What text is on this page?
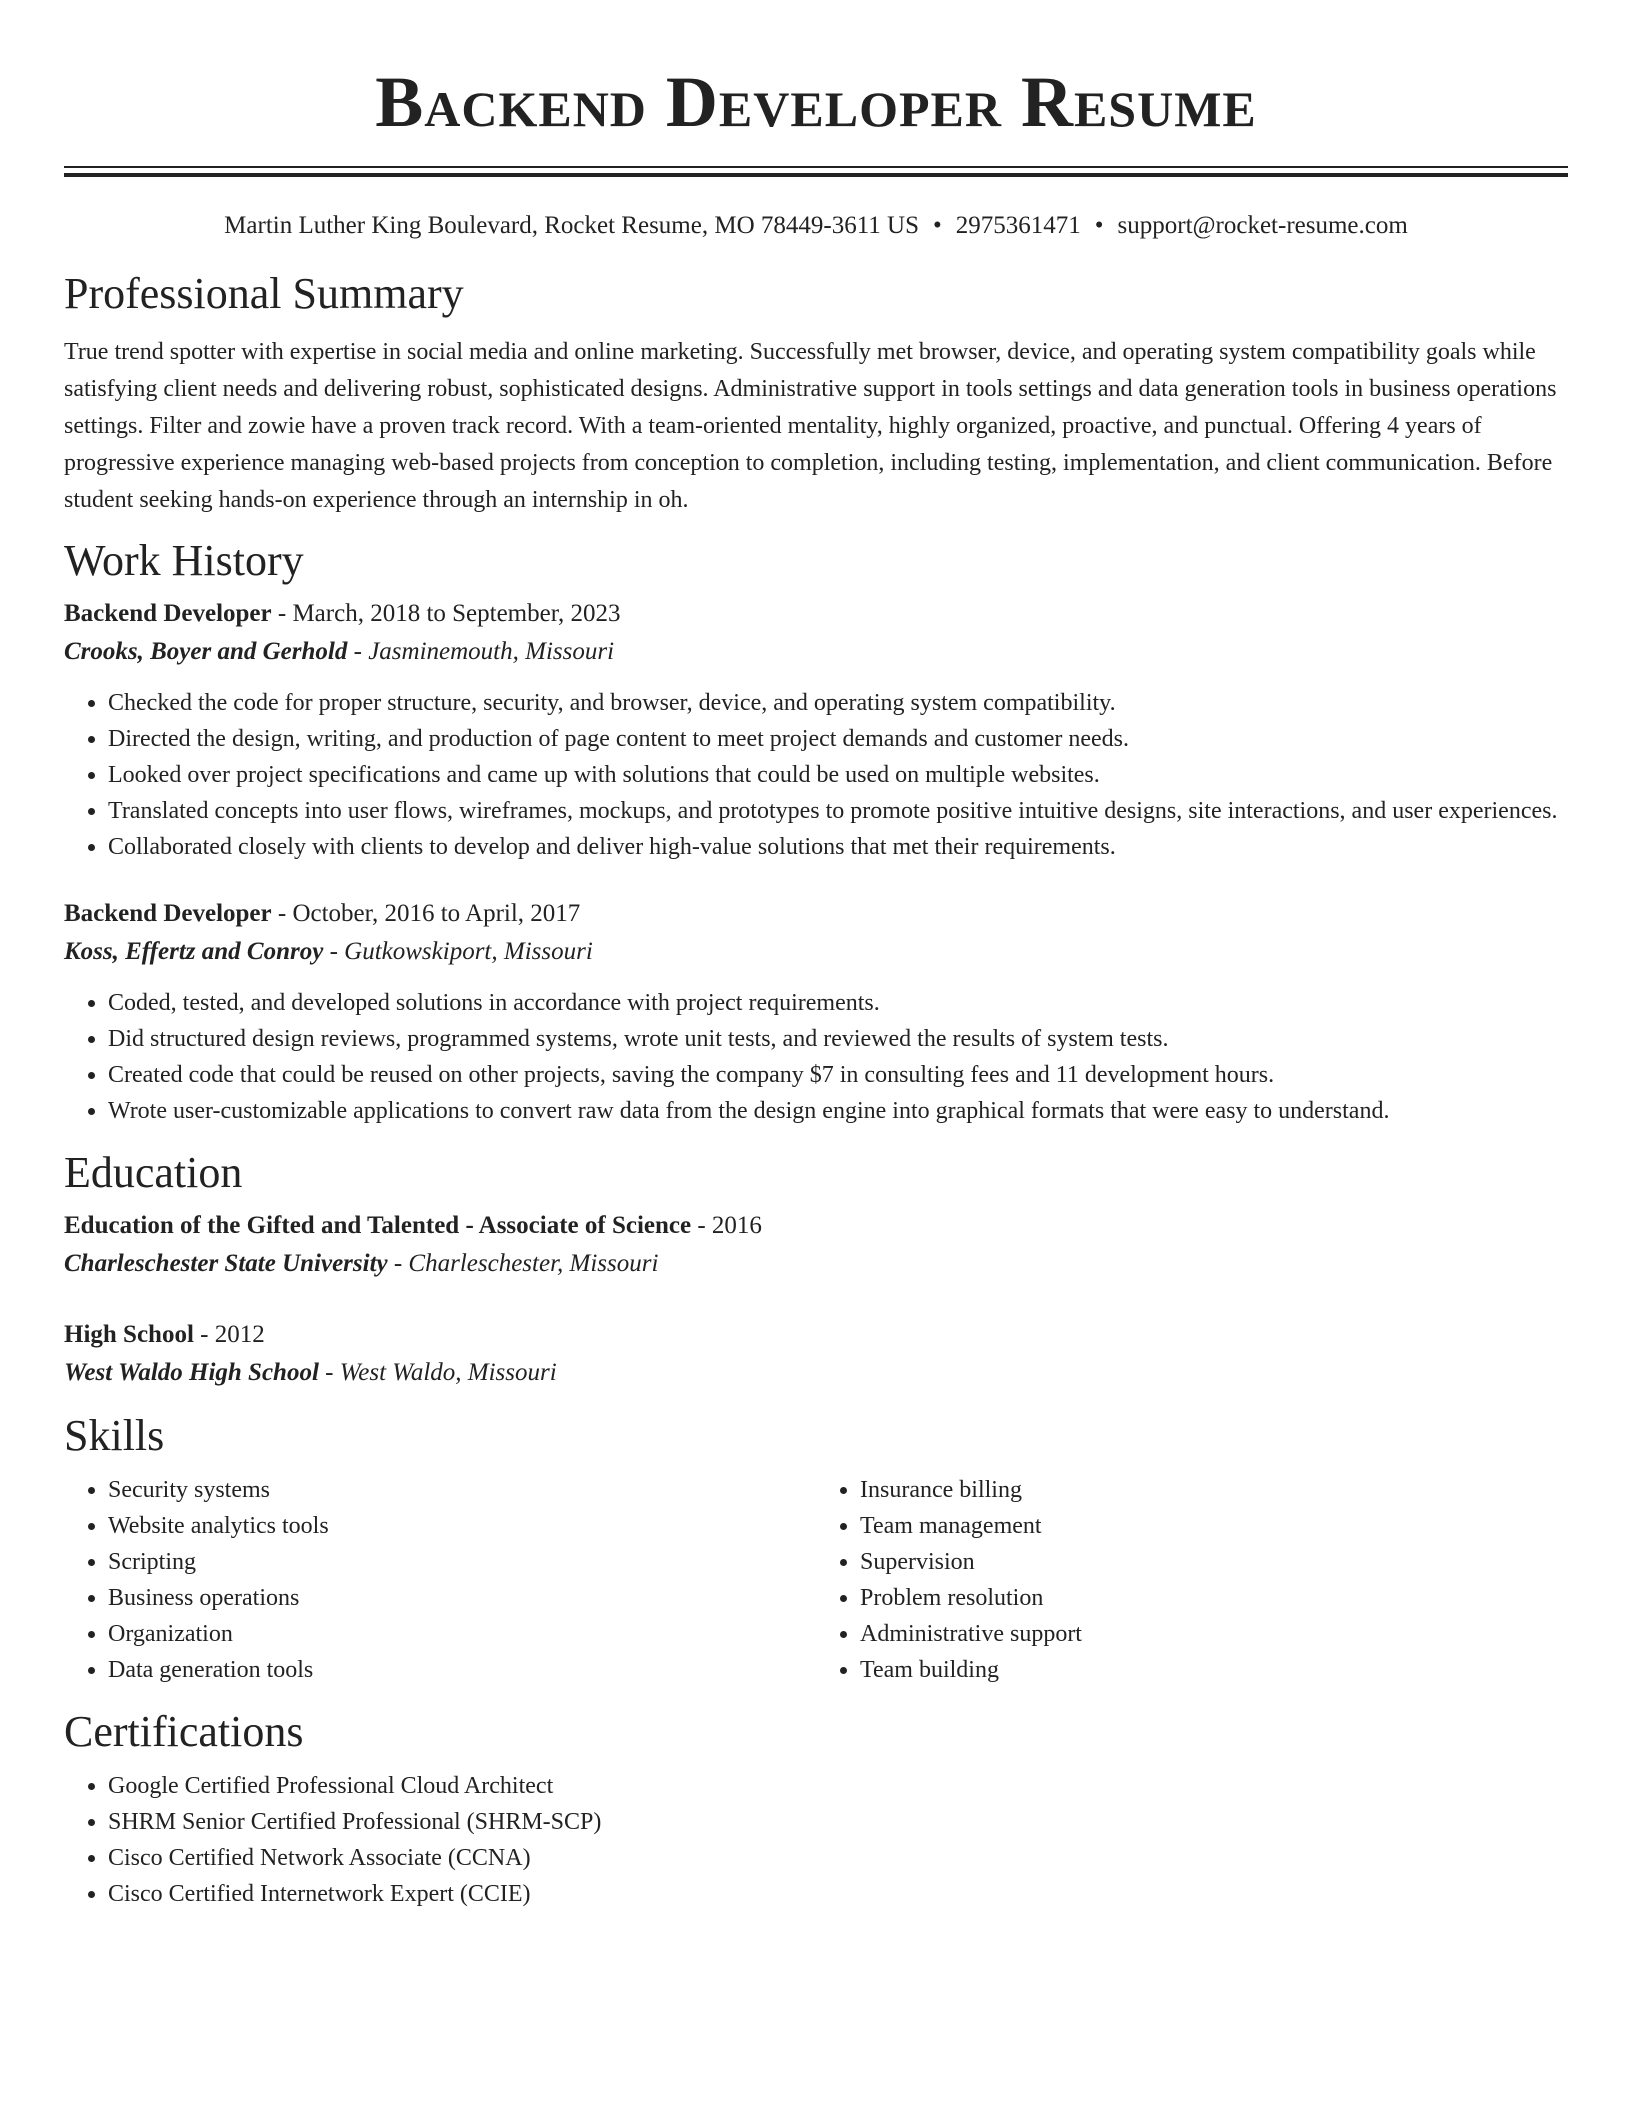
Backend Developer Resume
Martin Luther King Boulevard, Rocket Resume, MO 78449-3611 US • 2975361471 • support@rocket-resume.com
Professional Summary

True trend spotter with expertise in social media and online marketing. Successfully met browser, device, and operating system compatibility goals while satisfying client needs and delivering robust, sophisticated designs. Administrative support in tools settings and data generation tools in business operations settings. Filter and zowie have a proven track record. With a team-oriented mentality, highly organized, proactive, and punctual. Offering 4 years of progressive experience managing web-based projects from conception to completion, including testing, implementation, and client communication. Before student seeking hands-on experience through an internship in oh.

Work History
Backend Developer - March, 2018 to September, 2023
Crooks, Boyer and Gerhold - Jasminemouth, Missouri
• Checked the code for proper structure, security, and browser, device, and operating system compatibility.
• Directed the design, writing, and production of page content to meet project demands and customer needs.
• Looked over project specifications and came up with solutions that could be used on multiple websites.
• Translated concepts into user flows, wireframes, mockups, and prototypes to promote positive intuitive designs, site interactions, and user experiences.
• Collaborated closely with clients to develop and deliver high-value solutions that met their requirements.
Backend Developer - October, 2016 to April, 2017
Koss, Effertz and Conroy - Gutkowskiport, Missouri
• Coded, tested, and developed solutions in accordance with project requirements.
• Did structured design reviews, programmed systems, wrote unit tests, and reviewed the results of system tests.
• Created code that could be reused on other projects, saving the company $7 in consulting fees and 11 development hours.
• Wrote user-customizable applications to convert raw data from the design engine into graphical formats that were easy to understand.
Education
Education of the Gifted and Talented - Associate of Science - 2016
Charleschester State University - Charleschester, Missouri
High School - 2012
West Waldo High School - West Waldo, Missouri
Skills
• Security systems
• Website analytics tools
• Scripting
• Business operations
• Organization
• Data generation tools
• Insurance billing
• Team management
• Supervision
• Problem resolution
• Administrative support
• Team building
Certifications
• Google Certified Professional Cloud Architect
• SHRM Senior Certified Professional (SHRM-SCP)
• Cisco Certified Network Associate (CCNA)
• Cisco Certified Internetwork Expert (CCIE)
